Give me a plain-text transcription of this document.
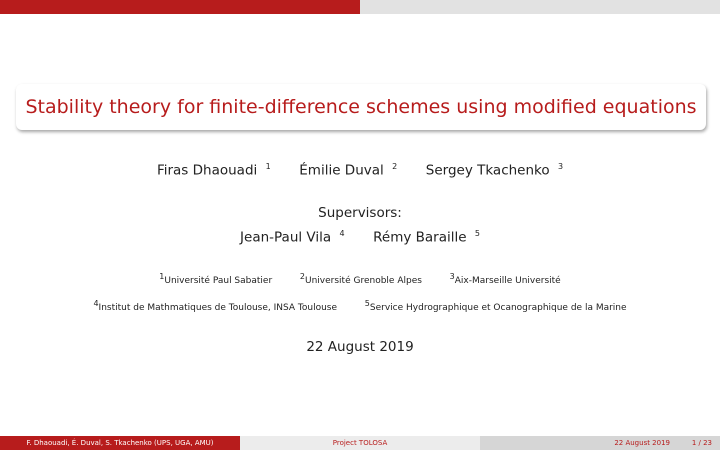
Stability theory for finite-difference schemes using modified equations
Firas Dhaouadi $^1$ Émilie Duval $^2$ Sergey Tkachenko $^3$
Supervisors:
Jean-Paul Vila $^4$ Rémy Baraille $^5$
$^1$Université Paul Sabatier	$^2$Université Grenoble Alpes	$^3$Aix-Marseille Université
$^4$Institut de Mathmatiques de Toulouse, INSA Toulouse	$^5$Service Hydrographique et Ocanographique de la Marine
22 August 2019
F. Dhaouadi, É. Duval, S. Tkachenko (UPS, UGA, AMU)	Project TOLOSA	22 August 2019	1 / 23
